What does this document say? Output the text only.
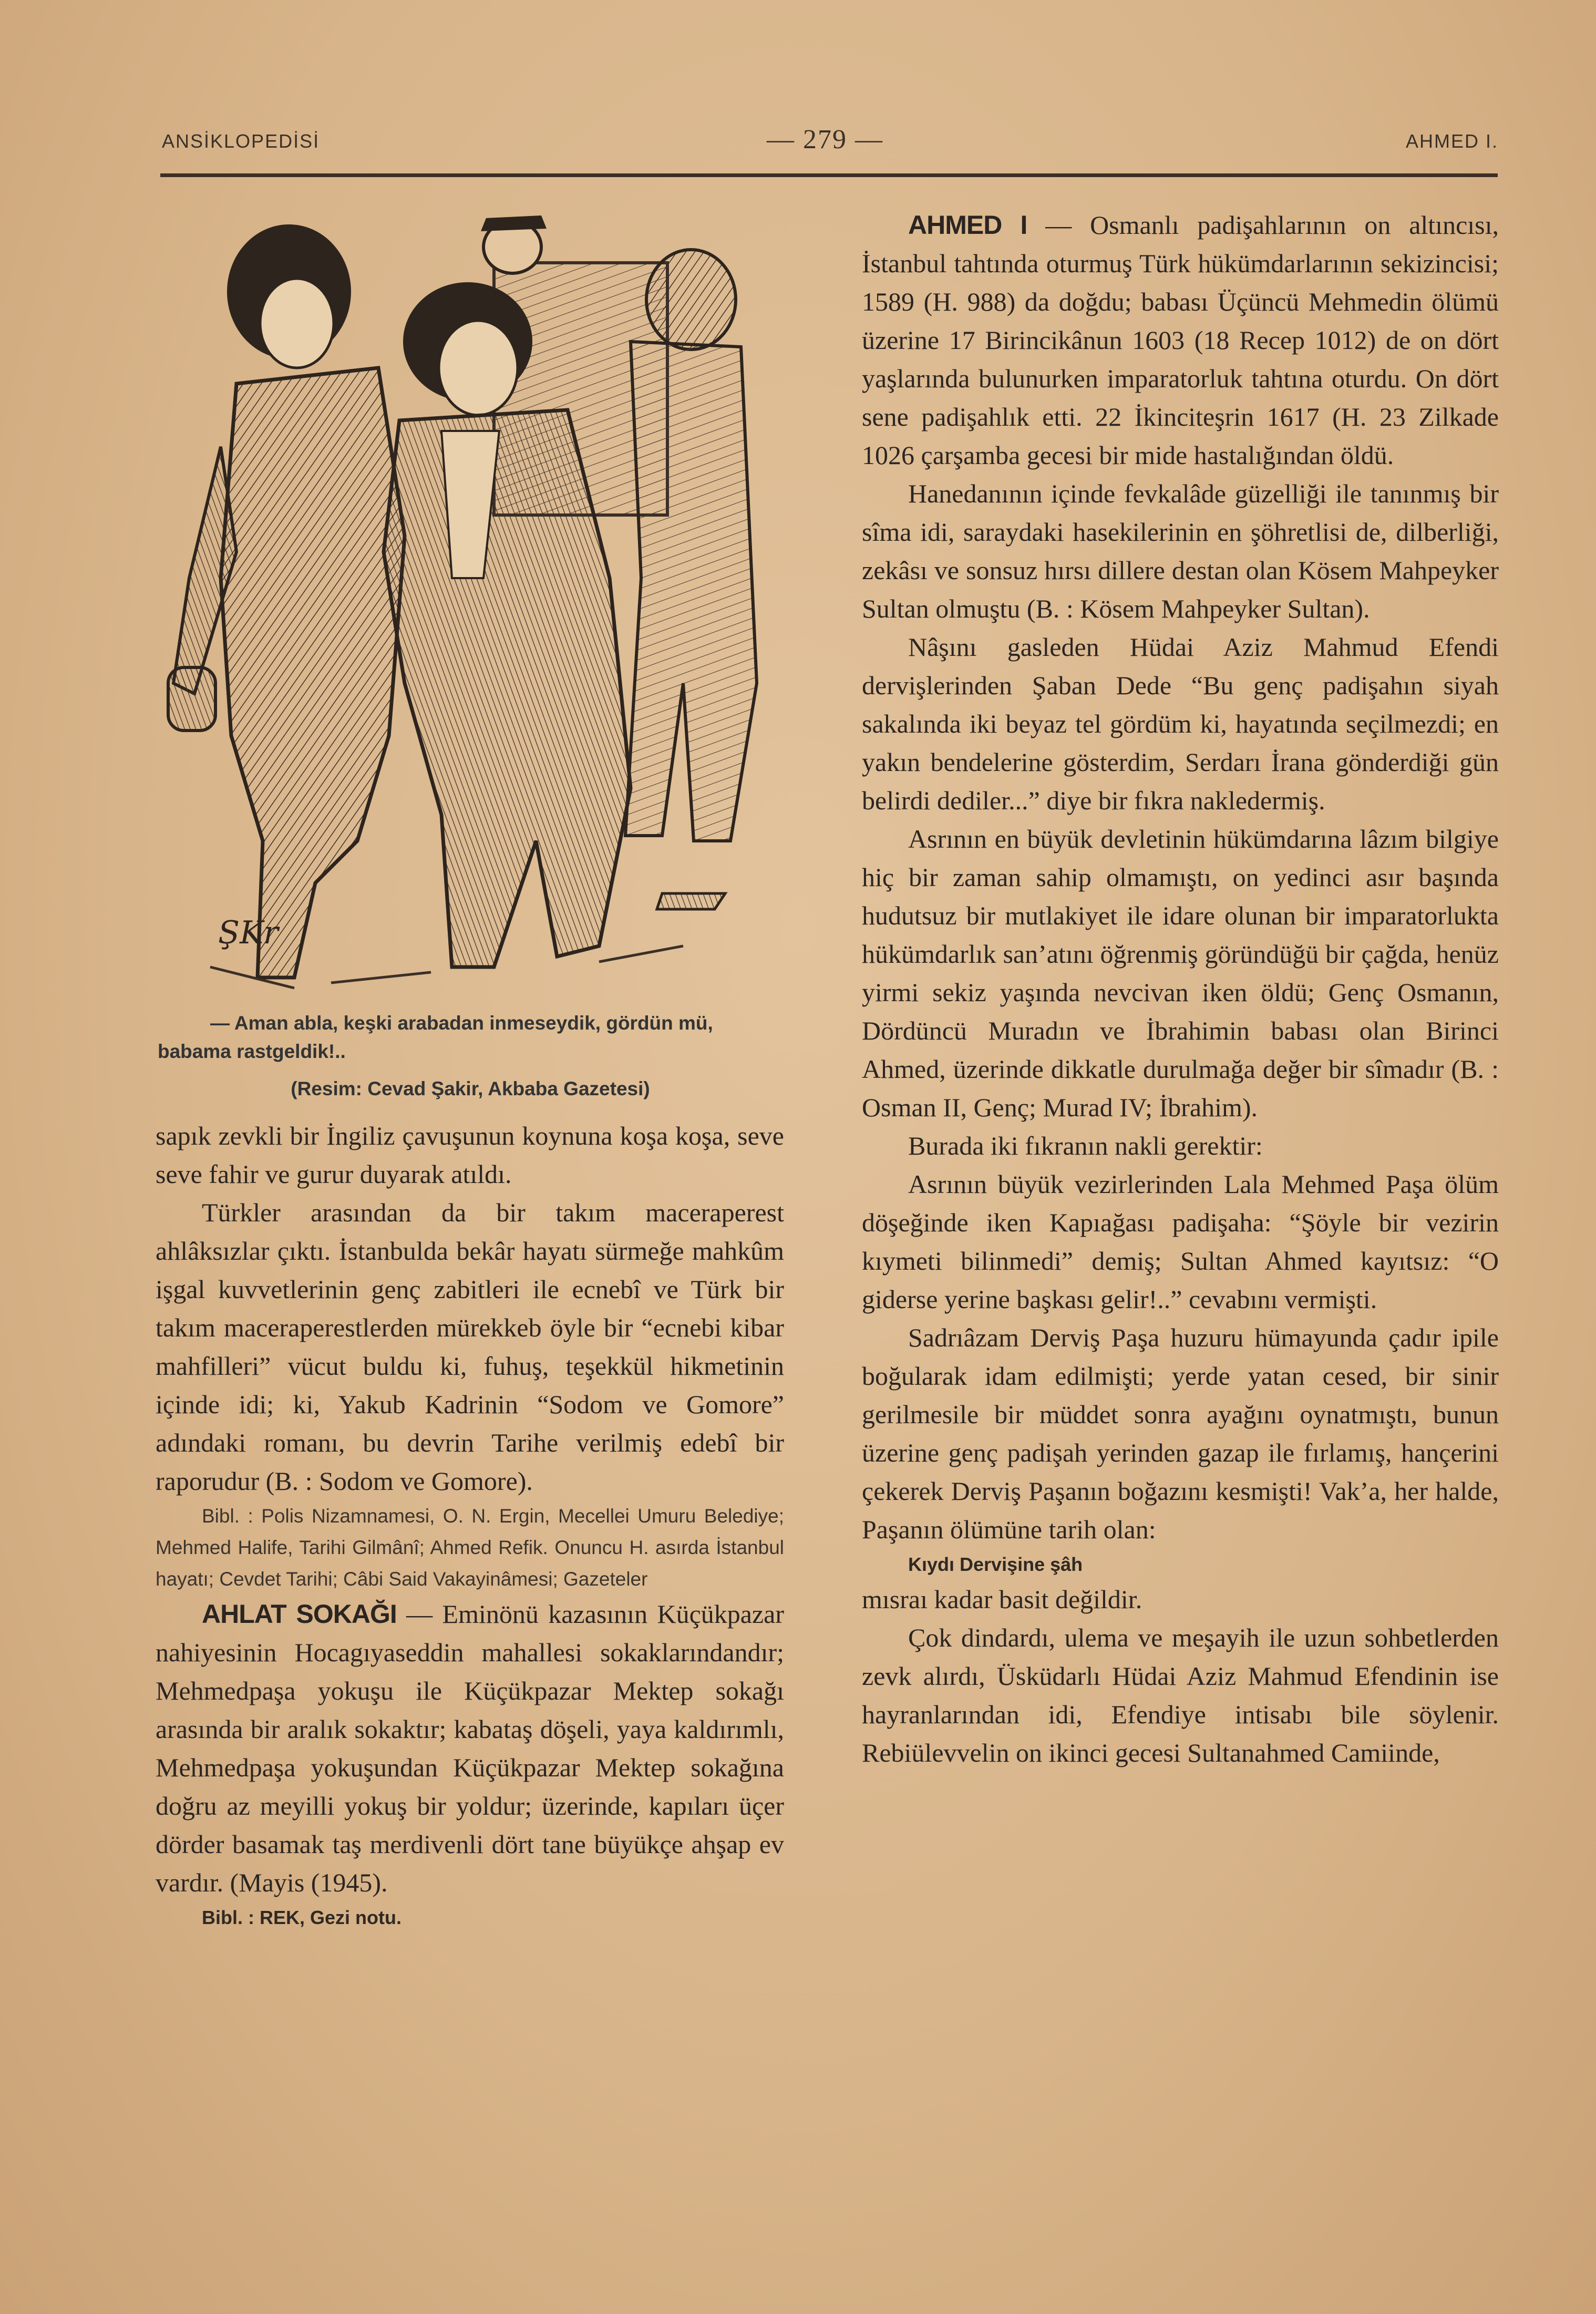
ANSİKLOPEDİSİ	— 279 —	AHMED I.
ŞKr
— Aman abla, keşki arabadan inmeseydik, gördün mü, babama rastgeldik!..
(Resim: Cevad Şakir, Akbaba Gazetesi)

sapık zevkli bir İngiliz çavuşunun koynuna koşa koşa, seve seve fahir ve gurur duyarak atıldı.

Türkler arasından da bir takım maceraperest ahlâksızlar çıktı. İstanbulda bekâr hayatı sürmeğe mahkûm işgal kuvvetlerinin genç zabitleri ile ecnebî ve Türk bir takım maceraperestlerden mürekkeb öyle bir “ecnebi kibar mahfilleri” vücut buldu ki, fuhuş, teşekkül hikmetinin içinde idi; ki, Yakub Kadrinin “Sodom ve Gomore” adındaki romanı, bu devrin Tarihe verilmiş edebî bir raporudur (B. : Sodom ve Gomore).

Bibl. : Polis Nizamnamesi, O. N. Ergin, Mecellei Umuru Belediye; Mehmed Halife, Tarihi Gilmânî; Ahmed Refik. Onuncu H. asırda İstanbul hayatı; Cevdet Tarihi; Câbi Said Vakayinâmesi; Gazeteler

AHLAT SOKAĞI — Eminönü kazasının Küçükpazar nahiyesinin Hocagıyaseddin mahallesi sokaklarındandır; Mehmedpaşa yokuşu ile Küçükpazar Mektep sokağı arasında bir aralık sokaktır; kabataş döşeli, yaya kaldırımlı, Mehmedpaşa yokuşundan Küçükpazar Mektep sokağına doğru az meyilli yokuş bir yoldur; üzerinde, kapıları üçer dörder basamak taş merdivenli dört tane büyükçe ahşap ev vardır. (Mayis (1945).

Bibl. : REK, Gezi notu.

AHMED I — Osmanlı padişahlarının on altıncısı, İstanbul tahtında oturmuş Türk hükümdarlarının sekizincisi; 1589 (H. 988) da doğdu; babası Üçüncü Mehmedin ölümü üzerine 17 Birincikânun 1603 (18 Recep 1012) de on dört yaşlarında bulunurken imparatorluk tahtına oturdu. On dört sene padişahlık etti. 22 İkinciteşrin 1617 (H. 23 Zilkade 1026 çarşamba gecesi bir mide hastalığından öldü.

Hanedanının içinde fevkalâde güzelliği ile tanınmış bir sîma idi, saraydaki hasekilerinin en şöhretlisi de, dilberliği, zekâsı ve sonsuz hırsı dillere destan olan Kösem Mahpeyker Sultan olmuştu (B. : Kösem Mahpeyker Sultan).

Nâşını gasleden Hüdai Aziz Mahmud Efendi dervişlerinden Şaban Dede “Bu genç padişahın siyah sakalında iki beyaz tel gördüm ki, hayatında seçilmezdi; en yakın bendelerine gösterdim, Serdarı İrana gönderdiği gün belirdi dediler...” diye bir fıkra nakledermiş.

Asrının en büyük devletinin hükümdarına lâzım bilgiye hiç bir zaman sahip olmamıştı, on yedinci asır başında hudutsuz bir mutlakiyet ile idare olunan bir imparatorlukta hükümdarlık san’atını öğrenmiş göründüğü bir çağda, henüz yirmi sekiz yaşında nevcivan iken öldü; Genç Osmanın, Dördüncü Muradın ve İbrahimin babası olan Birinci Ahmed, üzerinde dikkatle durulmağa değer bir sîmadır (B. : Osman II, Genç; Murad IV; İbrahim).

Burada iki fıkranın nakli gerektir:

Asrının büyük vezirlerinden Lala Mehmed Paşa ölüm döşeğinde iken Kapıağası padişaha: “Şöyle bir vezirin kıymeti bilinmedi” demiş; Sultan Ahmed kayıtsız: “O giderse yerine başkası gelir!..” cevabını vermişti.

Sadrıâzam Derviş Paşa huzuru hümayunda çadır ipile boğularak idam edilmişti; yerde yatan cesed, bir sinir gerilmesile bir müddet sonra ayağını oynatmıştı, bunun üzerine genç padişah yerinden gazap ile fırlamış, hançerini çekerek Derviş Paşanın boğazını kesmişti! Vak’a, her halde, Paşanın ölümüne tarih olan:

Kıydı Dervişine şâh

mısraı kadar basit değildir.

Çok dindardı, ulema ve meşayih ile uzun sohbetlerden zevk alırdı, Üsküdarlı Hüdai Aziz Mahmud Efendinin ise hayranlarından idi, Efendiye intisabı bile söylenir. Rebiülevvelin on ikinci gecesi Sultanahmed Camiinde,
